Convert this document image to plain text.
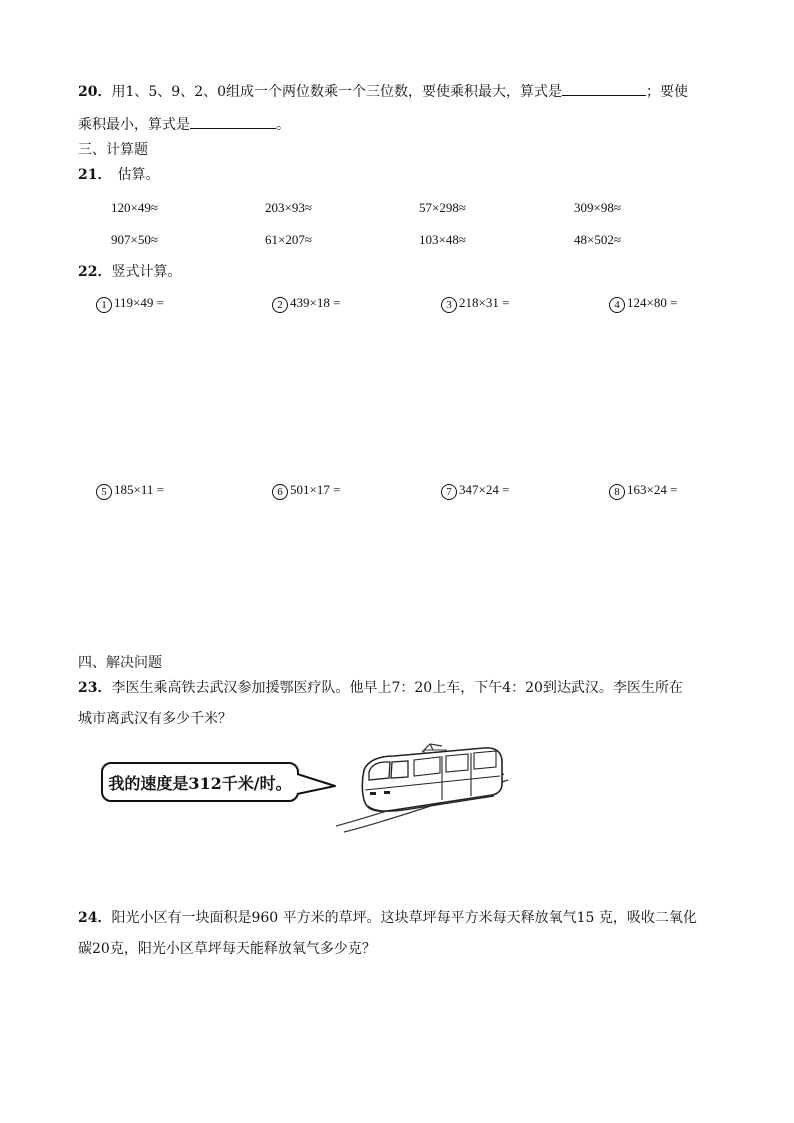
20．用1、5、9、2、0组成一个两位数乘一个三位数，要使乘积最大，算式是	；要使
乘积最小，算式是	。
三、计算题
21． 估算。
120×49≈	203×93≈	57×298≈	309×98≈
907×50≈	61×207≈	103×48≈	48×502≈
22．竖式计算。
1 119×49 =	2 439×18 =	3 218×31 =	4 124×80 =
5 185×11 =	6 501×17 =	7 347×24 =	8 163×24 =
四、解决问题
23．李医生乘高铁去武汉参加援鄂医疗队。他早上7：20上车，下午4：20到达武汉。李医生所在
城市离武汉有多少千米？
我的速度是312千米/时。
24．阳光小区有一块面积是960 平方米的草坪。这块草坪每平方米每天释放氧气15 克，吸收二氧化
碳20克，阳光小区草坪每天能释放氧气多少克？
